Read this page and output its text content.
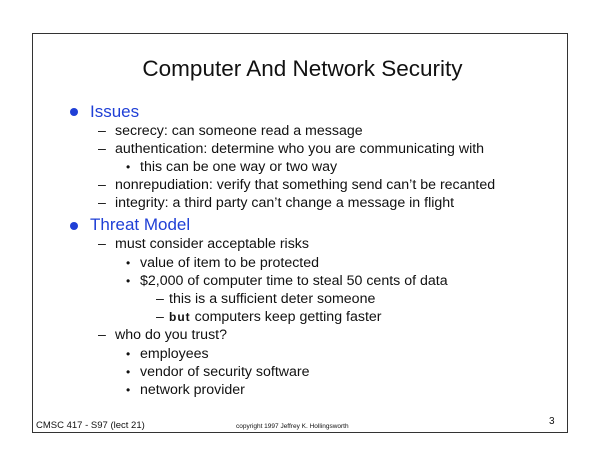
Computer And Network Security
Issues
– secrecy: can someone read a message
– authentication: determine who you are communicating with
• this can be one way or two way
– nonrepudiation: verify that something send can’t be recanted
– integrity: a third party can’t change a message in flight
Threat Model
– must consider acceptable risks
• value of item to be protected
• $2,000 of computer time to steal 50 cents of data
– this is a sufficient deter someone
– but computers keep getting faster
– who do you trust?
• employees
• vendor of security software
• network provider
CMSC 417 - S97 (lect 21)	copyright 1997 Jeffrey K. Hollingsworth	3
